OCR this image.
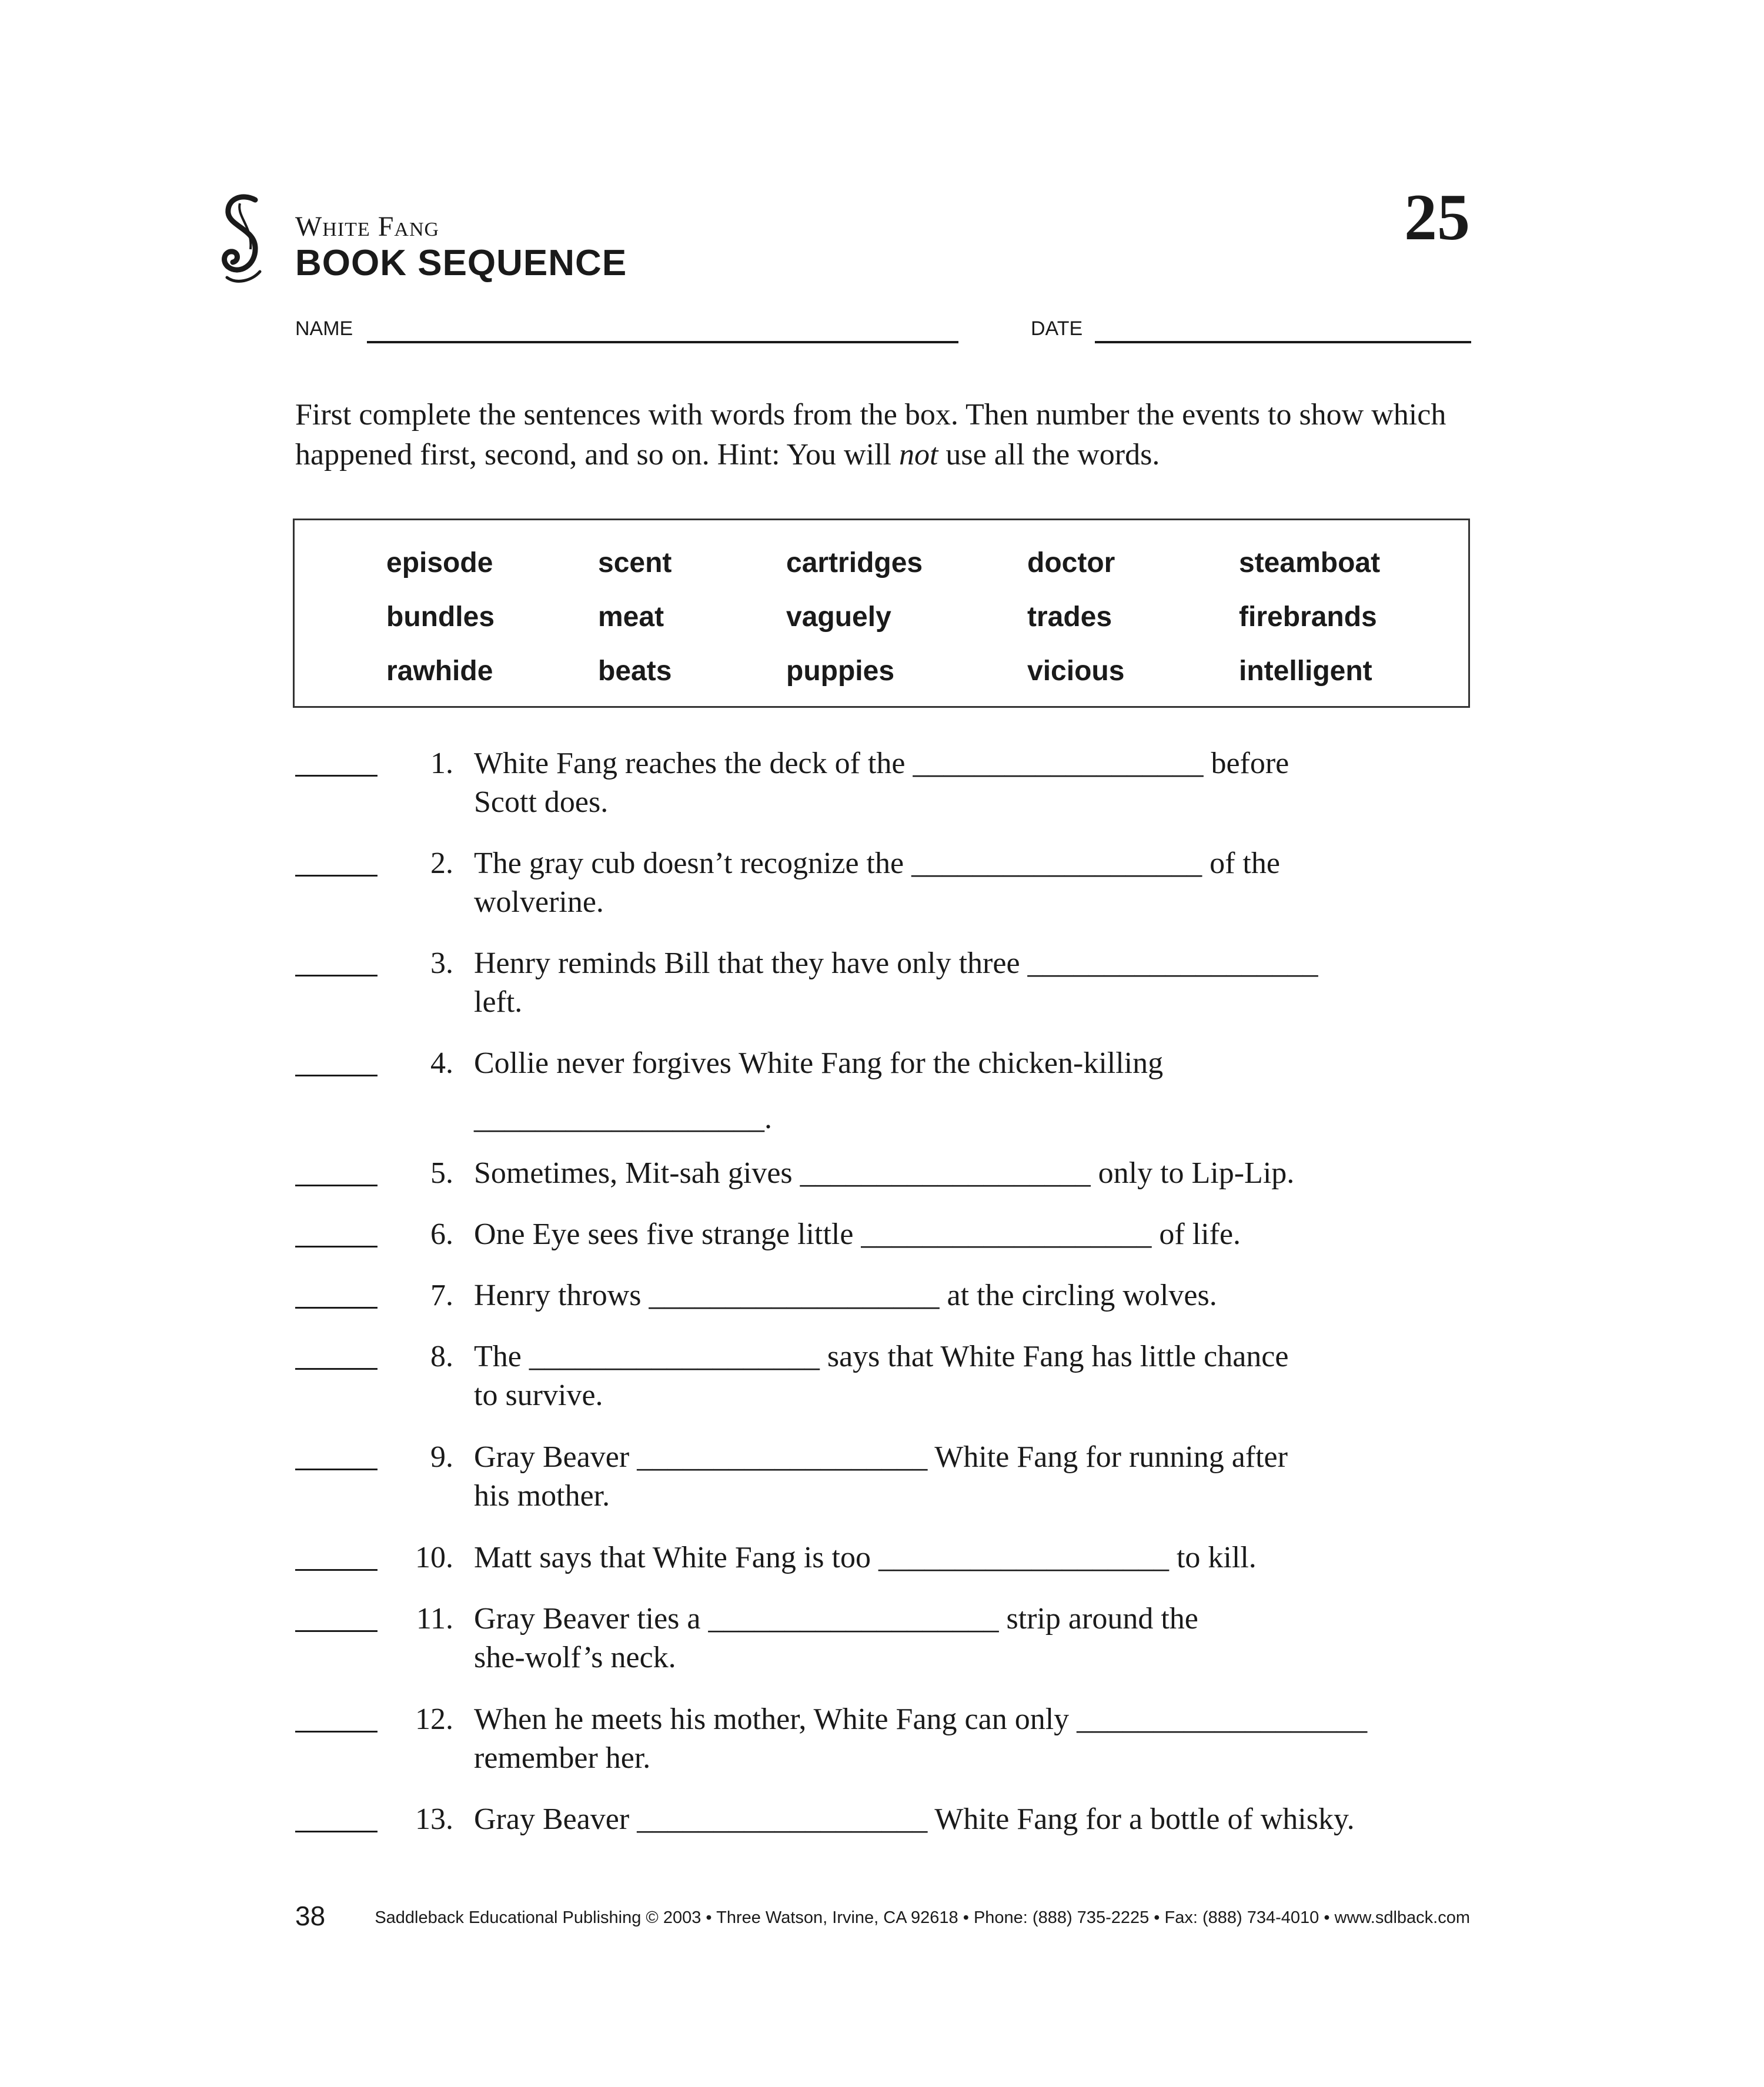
White Fang
BOOK SEQUENCE
25
NAME	DATE
First complete the sentences with words from the box. Then number the events to show which happened first, second, and so on. Hint: You will not use all the words.
episode	scent	cartridges	doctor	steamboat
bundles	meat	vaguely	trades	firebrands
rawhide	beats	puppies	vicious	intelligent
1. White Fang reaches the deck of the ___________________ before
Scott does.
2. The gray cub doesn’t recognize the ___________________ of the
wolverine.
3. Henry reminds Bill that they have only three ___________________
left.
4. Collie never forgives White Fang for the chicken-killing
___________________.
5. Sometimes, Mit-sah gives ___________________ only to Lip-Lip.
6. One Eye sees five strange little ___________________ of life.
7. Henry throws ___________________ at the circling wolves.
8. The ___________________ says that White Fang has little chance
to survive.
9. Gray Beaver ___________________ White Fang for running after
his mother.
10. Matt says that White Fang is too ___________________ to kill.
11. Gray Beaver ties a ___________________ strip around the
she-wolf’s neck.
12. When he meets his mother, White Fang can only ___________________
remember her.
13. Gray Beaver ___________________ White Fang for a bottle of whisky.
38	Saddleback Educational Publishing © 2003 • Three Watson, Irvine, CA 92618 • Phone: (888) 735-2225 • Fax: (888) 734-4010 • www.sdlback.com
